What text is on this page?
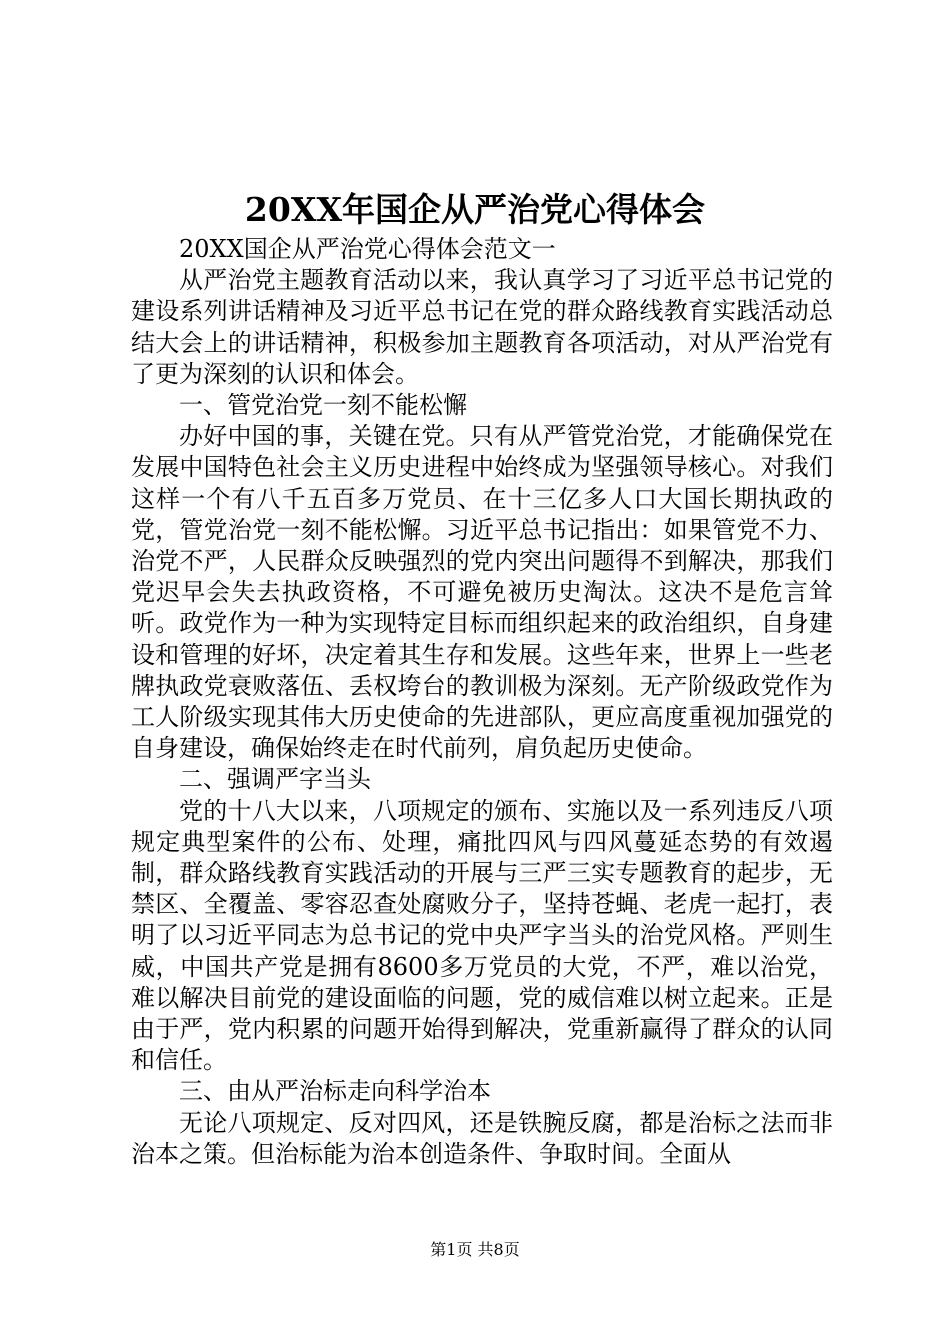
20XX年国企从严治党心得体会

20XX国企从严治党心得体会范文一

从严治党主题教育活动以来，我认真学习了习近平总书记党的建设系列讲话精神及习近平总书记在党的群众路线教育实践活动总结大会上的讲话精神，积极参加主题教育各项活动，对从严治党有了更为深刻的认识和体会。

一、管党治党一刻不能松懈

办好中国的事，关键在党。只有从严管党治党，才能确保党在发展中国特色社会主义历史进程中始终成为坚强领导核心。对我们这样一个有八千五百多万党员、在十三亿多人口大国长期执政的党，管党治党一刻不能松懈。习近平总书记指出：如果管党不力、治党不严，人民群众反映强烈的党内突出问题得不到解决，那我们党迟早会失去执政资格，不可避免被历史淘汰。这决不是危言耸听。政党作为一种为实现特定目标而组织起来的政治组织，自身建设和管理的好坏，决定着其生存和发展。这些年来，世界上一些老牌执政党衰败落伍、丢权垮台的教训极为深刻。无产阶级政党作为工人阶级实现其伟大历史使命的先进部队，更应高度重视加强党的自身建设，确保始终走在时代前列，肩负起历史使命。

二、强调严字当头

党的十八大以来，八项规定的颁布、实施以及一系列违反八项规定典型案件的公布、处理，痛批四风与四风蔓延态势的有效遏制，群众路线教育实践活动的开展与三严三实专题教育的起步，无禁区、全覆盖、零容忍查处腐败分子，坚持苍蝇、老虎一起打，表明了以习近平同志为总书记的党中央严字当头的治党风格。严则生威，中国共产党是拥有8600多万党员的大党，不严，难以治党，难以解决目前党的建设面临的问题，党的威信难以树立起来。正是由于严，党内积累的问题开始得到解决，党重新赢得了群众的认同和信任。

三、由从严治标走向科学治本

无论八项规定、反对四风，还是铁腕反腐，都是治标之法而非治本之策。但治标能为治本创造条件、争取时间。全面从

第1页 共8页
